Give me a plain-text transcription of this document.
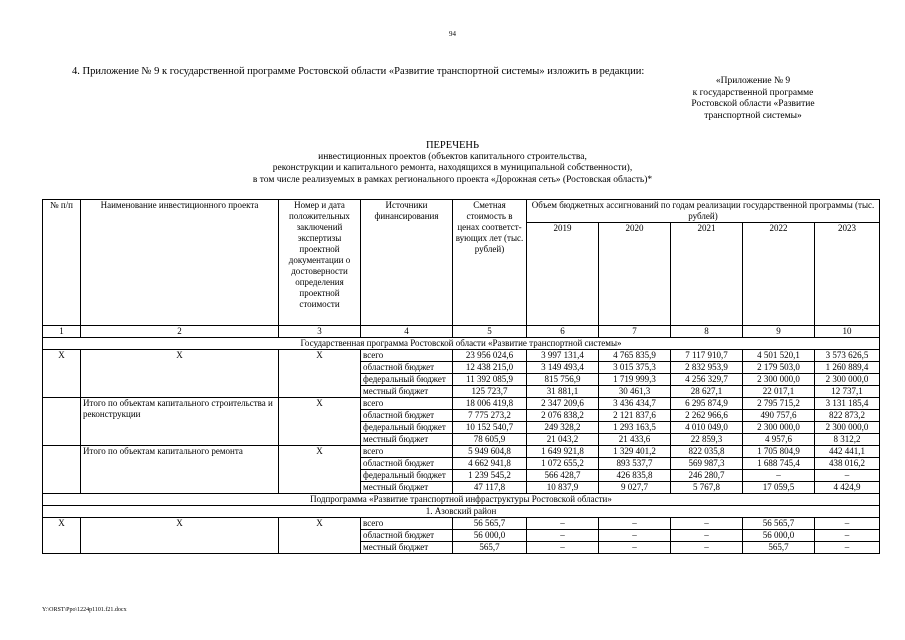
94
4. Приложение № 9 к государственной программе Ростовской области «Развитие транспортной системы» изложить в редакции:
«Приложение № 9
к государственной программе
Ростовской области «Развитие
транспортной системы»
ПЕРЕЧЕНЬ
инвестиционных проектов (объектов капитального строительства,
реконструкции и капитального ремонта, находящихся в муниципальной собственности),
в том числе реализуемых в рамках регионального проекта «Дорожная сеть» (Ростовская область)*
№ п/п	Наименование инвестиционного проекта	Номер и дата положительных заключений экспертизы проектной документации о достоверности определения проектной стоимости	Источники финансирования	Сметная стоимость в ценах соответст-вующих лет (тыс. рублей)	Объем бюджетных ассигнований по годам реализации государственной программы (тыс. рублей)				
					2019	2020	2021	2022	2023
1	2	3	4	5	6	7	8	9	10
Государственная программа Ростовской области «Развитие транспортной системы»									
Х	Х	Х	всего	23 956 024,6	3 997 131,4	4 765 835,9	7 117 910,7	4 501 520,1	3 573 626,5
			областной бюджет	12 438 215,0	3 149 493,4	3 015 375,3	2 832 953,9	2 179 503,0	1 260 889,4
			федеральный бюджет	11 392 085,9	815 756,9	1 719 999,3	4 256 329,7	2 300 000,0	2 300 000,0
			местный бюджет	125 723,7	31 881,1	30 461,3	28 627,1	22 017,1	12 737,1
	Итого по объектам капитального строительства и реконструкции	Х	всего	18 006 419,8	2 347 209,6	3 436 434,7	6 295 874,9	2 795 715,2	3 131 185,4
			областной бюджет	7 775 273,2	2 076 838,2	2 121 837,6	2 262 966,6	490 757,6	822 873,2
			федеральный бюджет	10 152 540,7	249 328,2	1 293 163,5	4 010 049,0	2 300 000,0	2 300 000,0
			местный бюджет	78 605,9	21 043,2	21 433,6	22 859,3	4 957,6	8 312,2
	Итого по объектам капитального ремонта	Х	всего	5 949 604,8	1 649 921,8	1 329 401,2	822 035,8	1 705 804,9	442 441,1
			областной бюджет	4 662 941,8	1 072 655,2	893 537,7	569 987,3	1 688 745,4	438 016,2
			федеральный бюджет	1 239 545,2	566 428,7	426 835,8	246 280,7	–	–
			местный бюджет	47 117,8	10 837,9	9 027,7	5 767,8	17 059,5	4 424,9
Подпрограмма «Развитие транспортной инфраструктуры Ростовской области»									
1. Азовский район									
Х	Х	Х	всего	56 565,7	–	–	–	56 565,7	–
			областной бюджет	56 000,0	–	–	–	56 000,0	–
			местный бюджет	565,7	–	–	–	565,7	–
Y:\ORST\Ppo\1224p1101.f21.docx
